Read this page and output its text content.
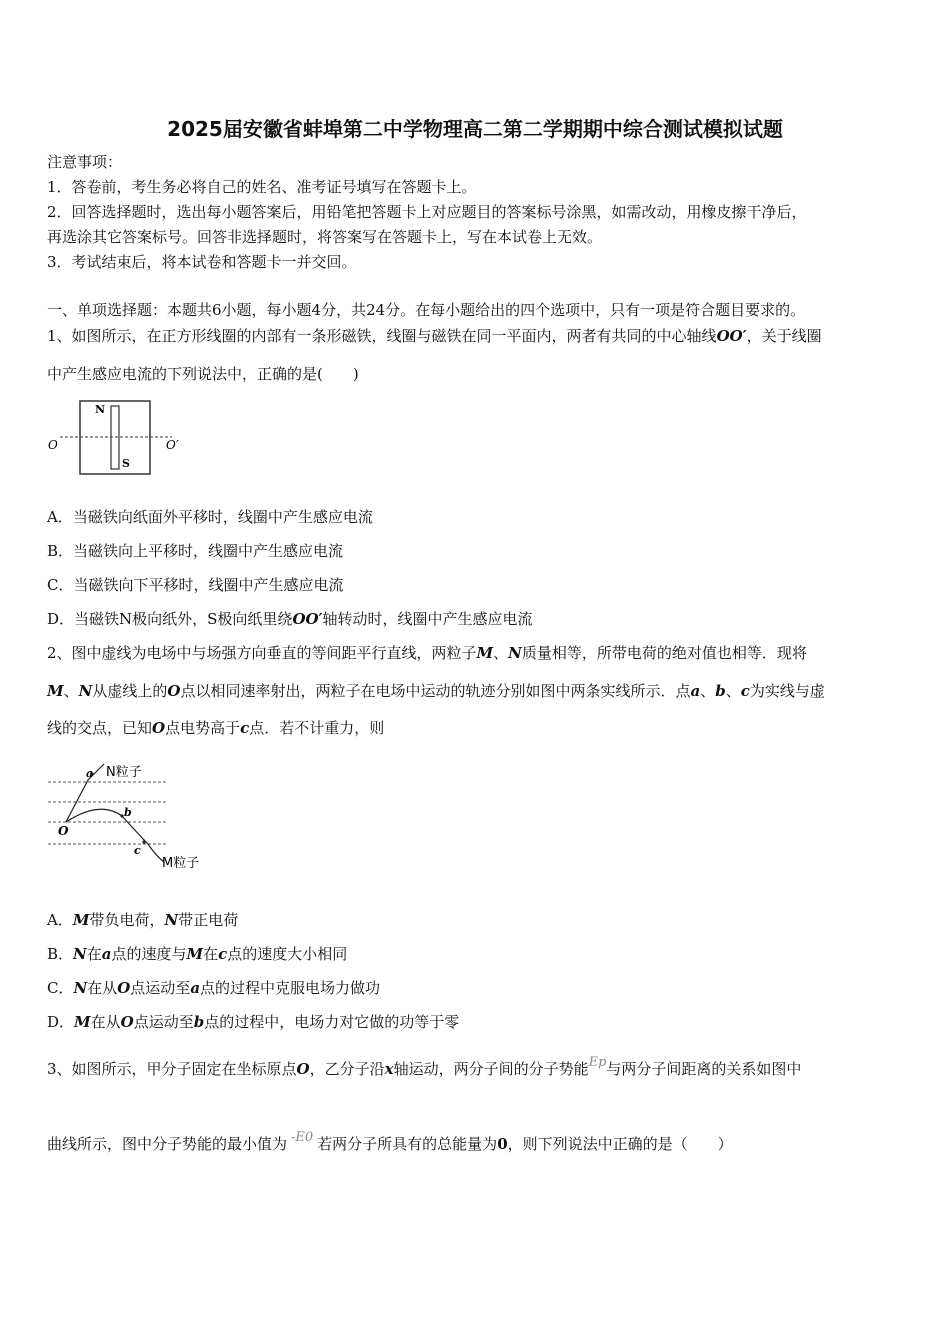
2025届安徽省蚌埠第二中学物理高二第二学期期中综合测试模拟试题
注意事项：
1．答卷前，考生务必将自己的姓名、准考证号填写在答题卡上。
2．回答选择题时，选出每小题答案后，用铅笔把答题卡上对应题目的答案标号涂黑，如需改动，用橡皮擦干净后，
再选涂其它答案标号。回答非选择题时，将答案写在答题卡上，写在本试卷上无效。
3．考试结束后，将本试卷和答题卡一并交回。
一、单项选择题：本题共6小题，每小题4分，共24分。在每小题给出的四个选项中，只有一项是符合题目要求的。
1、如图所示，在正方形线圈的内部有一条形磁铁，线圈与磁铁在同一平面内，两者有共同的中心轴线OO′，关于线圈
中产生感应电流的下列说法中，正确的是(　　)
N
S
O	O′
A．当磁铁向纸面外平移时，线圈中产生感应电流
B．当磁铁向上平移时，线圈中产生感应电流
C．当磁铁向下平移时，线圈中产生感应电流
D．当磁铁N极向纸外，S极向纸里绕OO′轴转动时，线圈中产生感应电流
2、图中虚线为电场中与场强方向垂直的等间距平行直线，两粒子M、N质量相等，所带电荷的绝对值也相等．现将
M、N从虚线上的O点以相同速率射出，两粒子在电场中运动的轨迹分别如图中两条实线所示．点a、b、c为实线与虚
线的交点，已知O点电势高于c点．若不计重力，则
a
b
c
O
N粒子
M粒子
A．M带负电荷，N带正电荷
B．N在a点的速度与M在c点的速度大小相同
C．N在从O点运动至a点的过程中克服电场力做功
D．M在从O点运动至b点的过程中，电场力对它做的功等于零
3、如图所示，甲分子固定在坐标原点O，乙分子沿x轴运动，两分子间的分子势能Ep与两分子间距离的关系如图中
曲线所示，图中分子势能的最小值为 -E0 若两分子所具有的总能量为0，则下列说法中正确的是（　　）
